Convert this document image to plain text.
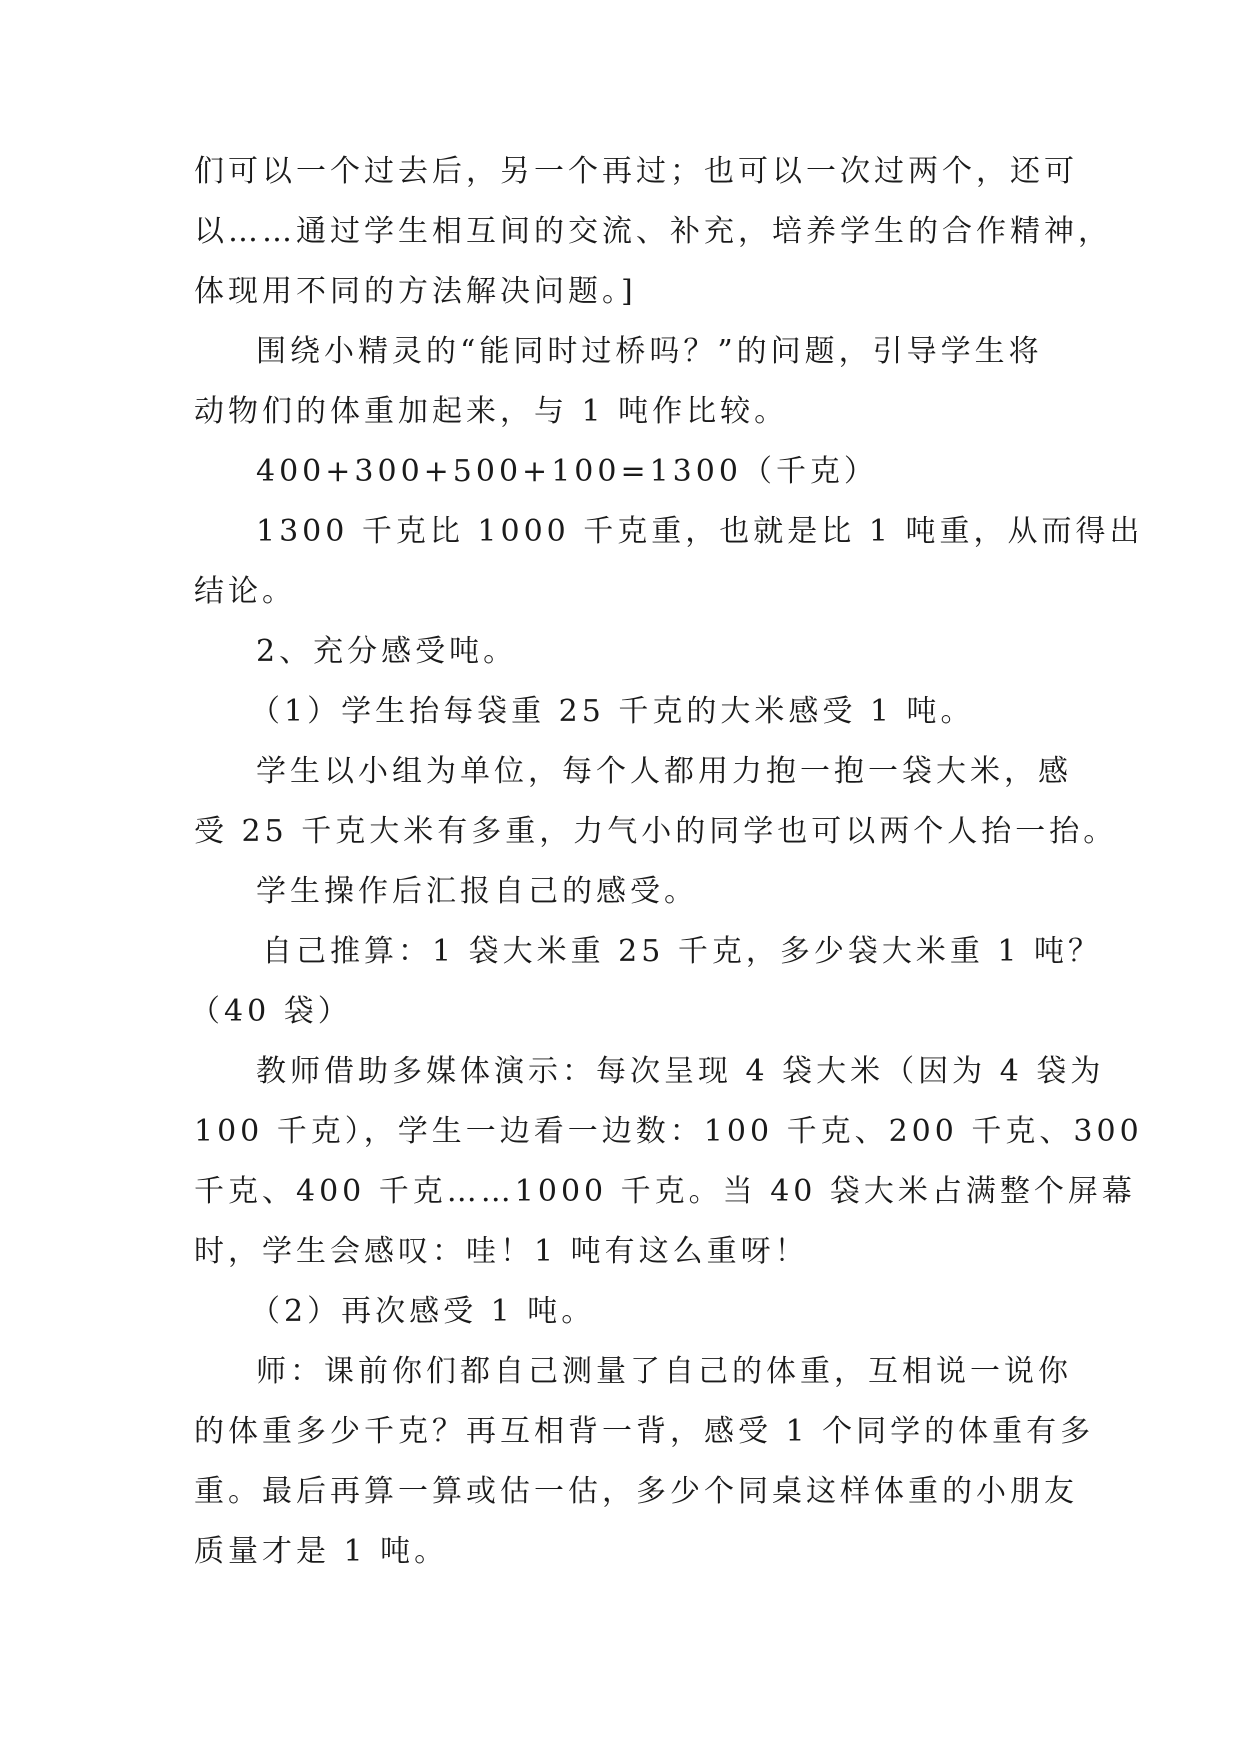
们可以一个过去后，另一个再过；也可以一次过两个，还可
以……通过学生相互间的交流、补充，培养学生的合作精神，
体现用不同的方法解决问题。]
围绕小精灵的“能同时过桥吗？”的问题，引导学生将
动物们的体重加起来，与 1 吨作比较。
400+300+500+100=1300（千克）
1300 千克比 1000 千克重，也就是比 1 吨重，从而得出
结论。
2、充分感受吨。
（1）学生抬每袋重 25 千克的大米感受 1 吨。
学生以小组为单位，每个人都用力抱一抱一袋大米，感
受 25 千克大米有多重，力气小的同学也可以两个人抬一抬。
学生操作后汇报自己的感受。
自己推算：1 袋大米重 25 千克，多少袋大米重 1 吨？
（40 袋）
教师借助多媒体演示：每次呈现 4 袋大米（因为 4 袋为
100 千克），学生一边看一边数：100 千克、200 千克、300
千克、400 千克……1000 千克。当 40 袋大米占满整个屏幕
时，学生会感叹：哇！1 吨有这么重呀！
（2）再次感受 1 吨。
师：课前你们都自己测量了自己的体重，互相说一说你
的体重多少千克？再互相背一背，感受 1 个同学的体重有多
重。最后再算一算或估一估，多少个同桌这样体重的小朋友
质量才是 1 吨。
